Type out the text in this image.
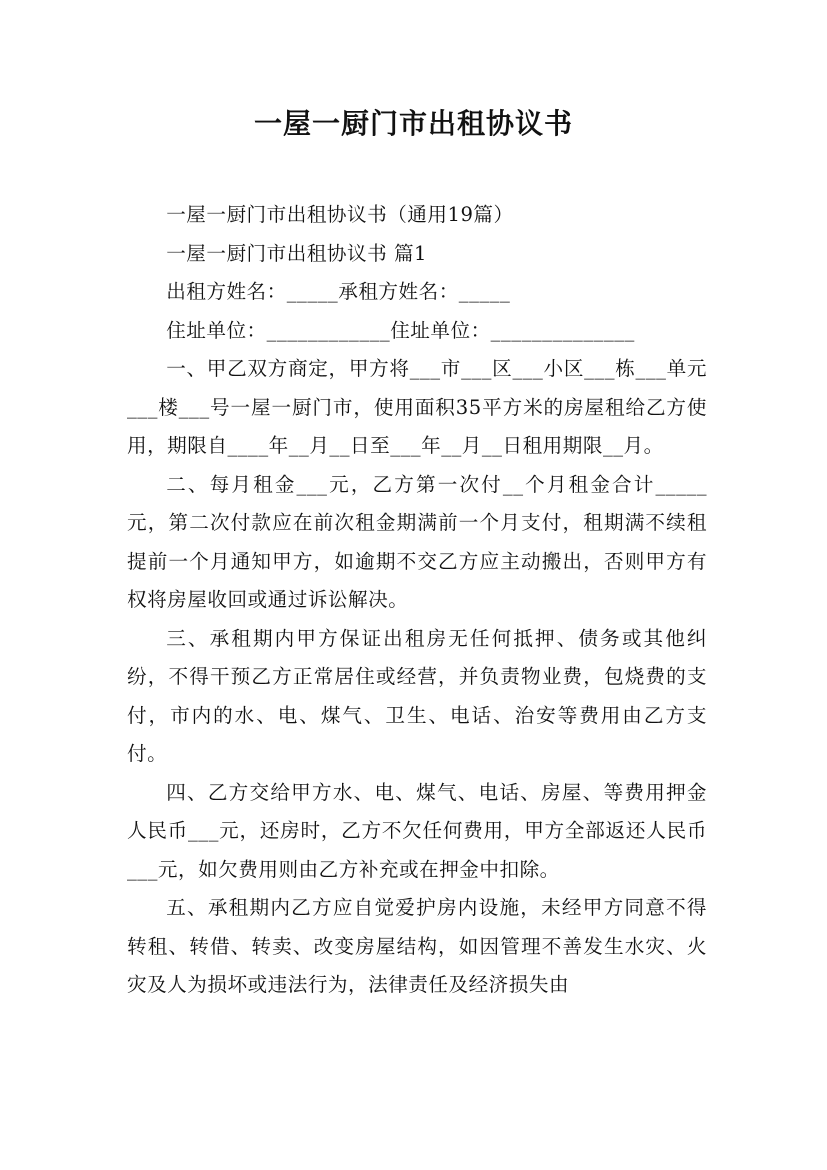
一屋一厨门市出租协议书

一屋一厨门市出租协议书（通用19篇）

一屋一厨门市出租协议书 篇1

出租方姓名：_____承租方姓名：_____

住址单位：____________住址单位：______________

一、甲乙双方商定，甲方将___市___区___小区___栋___单元___楼___号一屋一厨门市，使用面积35平方米的房屋租给乙方使用，期限自____年__月__日至___年__月__日租用期限__月。

二、每月租金___元，乙方第一次付__个月租金合计_____元，第二次付款应在前次租金期满前一个月支付，租期满不续租提前一个月通知甲方，如逾期不交乙方应主动搬出，否则甲方有权将房屋收回或通过诉讼解决。

三、承租期内甲方保证出租房无任何抵押、债务或其他纠纷，不得干预乙方正常居住或经营，并负责物业费，包烧费的支付，市内的水、电、煤气、卫生、电话、治安等费用由乙方支付。

四、乙方交给甲方水、电、煤气、电话、房屋、等费用押金人民币___元，还房时，乙方不欠任何费用，甲方全部返还人民币___元，如欠费用则由乙方补充或在押金中扣除。

五、承租期内乙方应自觉爱护房内设施，未经甲方同意不得转租、转借、转卖、改变房屋结构，如因管理不善发生水灾、火灾及人为损坏或违法行为，法律责任及经济损失由
